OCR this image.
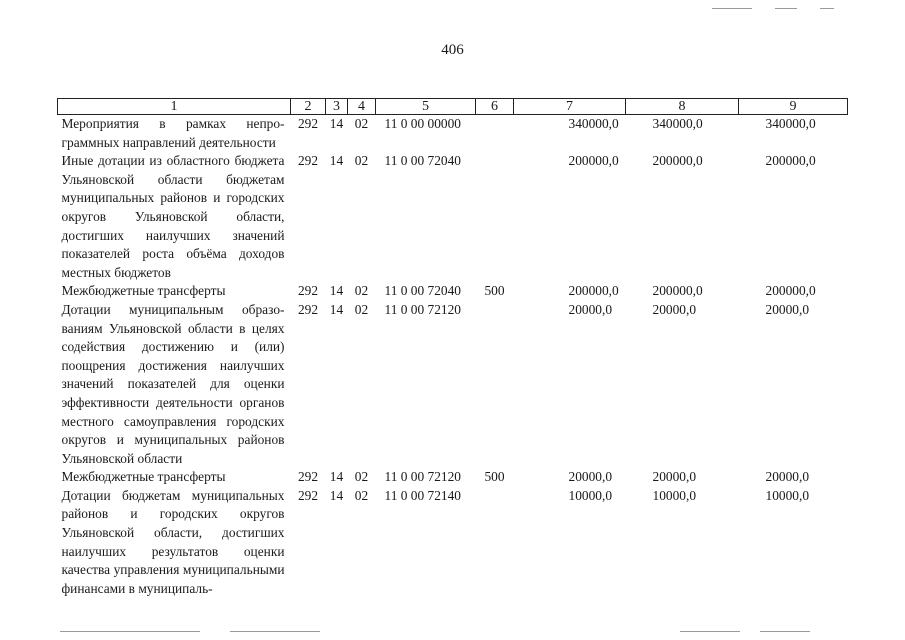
406
1	2	3	4	5	6	7	8	9
Мероприятия в рамках непрограммных направлений деятельности	292	14	02	11 0 00 00000		340000,0	340000,0	340000,0
Иные дотации из областного бюджета Ульяновской области бюджетам муниципальных районов и городских округов Ульяновской области, достигших наилучших значений показателей роста объёма доходов местных бюджетов	292	14	02	11 0 00 72040		200000,0	200000,0	200000,0
Межбюджетные трансферты	292	14	02	11 0 00 72040	500	200000,0	200000,0	200000,0
Дотации муниципальным образованиям Ульяновской области в целях содействия достижению и (или) поощрения достижения наилучших значений показателей для оценки эффективности деятельности органов местного самоуправления городских округов и муниципальных районов Ульяновской области	292	14	02	11 0 00 72120		20000,0	20000,0	20000,0
Межбюджетные трансферты	292	14	02	11 0 00 72120	500	20000,0	20000,0	20000,0
Дотации бюджетам муниципальных районов и городских округов Ульяновской области, достигших наилучших результатов оценки качества управления муниципальными финансами в муниципаль-	292	14	02	11 0 00 72140		10000,0	10000,0	10000,0
